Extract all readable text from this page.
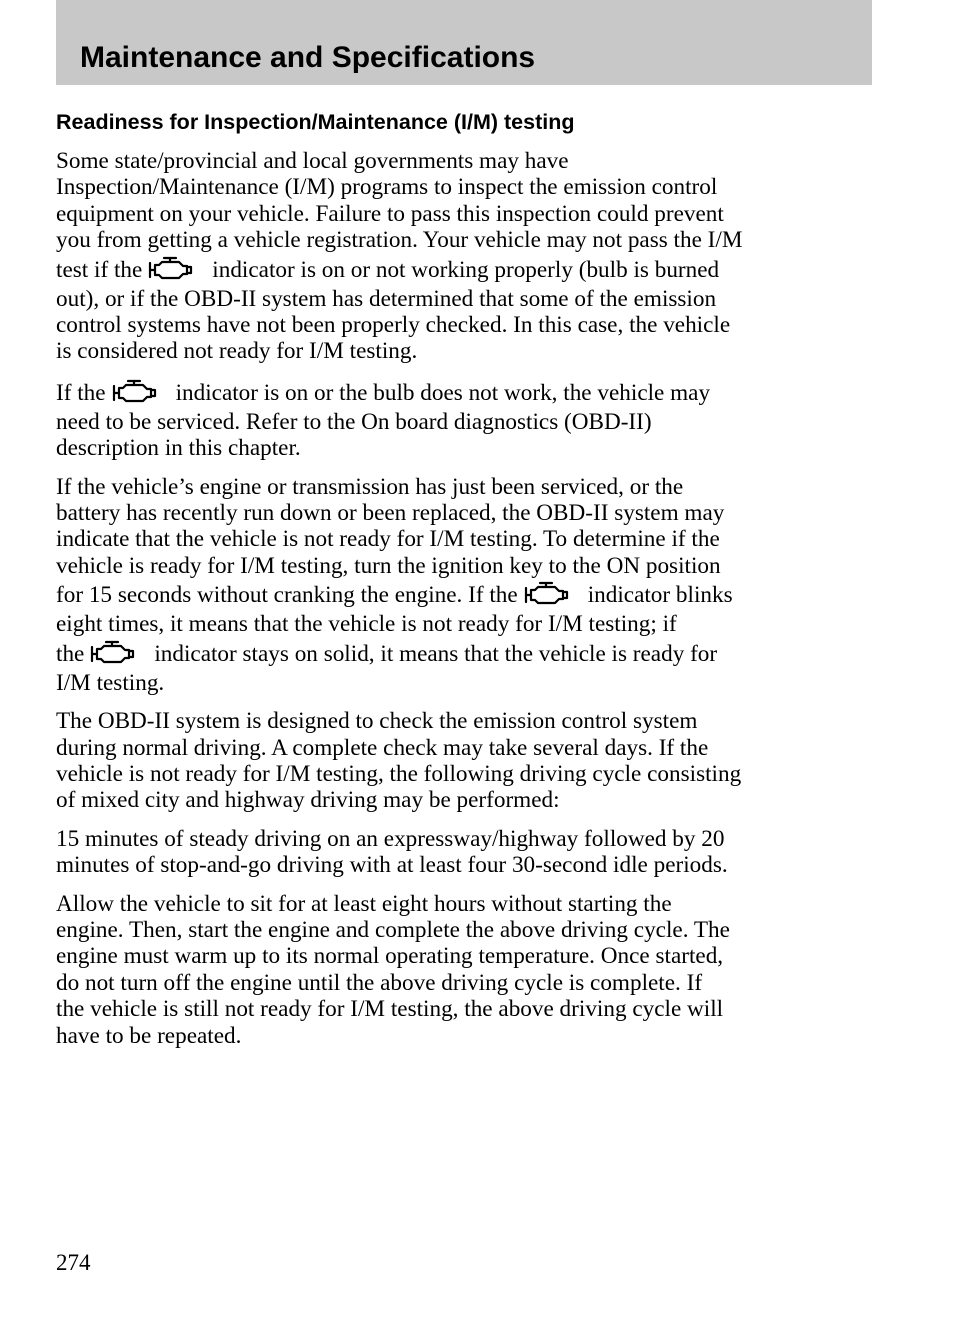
Maintenance and Specifications
Readiness for Inspection/Maintenance (I/M) testing

Some state/provincial and local governments may have
Inspection/Maintenance (I/M) programs to inspect the emission control
equipment on your vehicle. Failure to pass this inspection could prevent
you from getting a vehicle registration. Your vehicle may not pass the I/M
test if the	indicator is on or not working properly (bulb is burned
out), or if the OBD-II system has determined that some of the emission
control systems have not been properly checked. In this case, the vehicle
is considered not ready for I/M testing.

If the	indicator is on or the bulb does not work, the vehicle may
need to be serviced. Refer to the On board diagnostics (OBD-II)
description in this chapter.

If the vehicle’s engine or transmission has just been serviced, or the
battery has recently run down or been replaced, the OBD-II system may
indicate that the vehicle is not ready for I/M testing. To determine if the
vehicle is ready for I/M testing, turn the ignition key to the ON position
for 15 seconds without cranking the engine. If the	indicator blinks
eight times, it means that the vehicle is not ready for I/M testing; if
the	indicator stays on solid, it means that the vehicle is ready for
I/M testing.

The OBD-II system is designed to check the emission control system
during normal driving. A complete check may take several days. If the
vehicle is not ready for I/M testing, the following driving cycle consisting
of mixed city and highway driving may be performed:

15 minutes of steady driving on an expressway/highway followed by 20
minutes of stop-and-go driving with at least four 30-second idle periods.

Allow the vehicle to sit for at least eight hours without starting the
engine. Then, start the engine and complete the above driving cycle. The
engine must warm up to its normal operating temperature. Once started,
do not turn off the engine until the above driving cycle is complete. If
the vehicle is still not ready for I/M testing, the above driving cycle will
have to be repeated.

274
